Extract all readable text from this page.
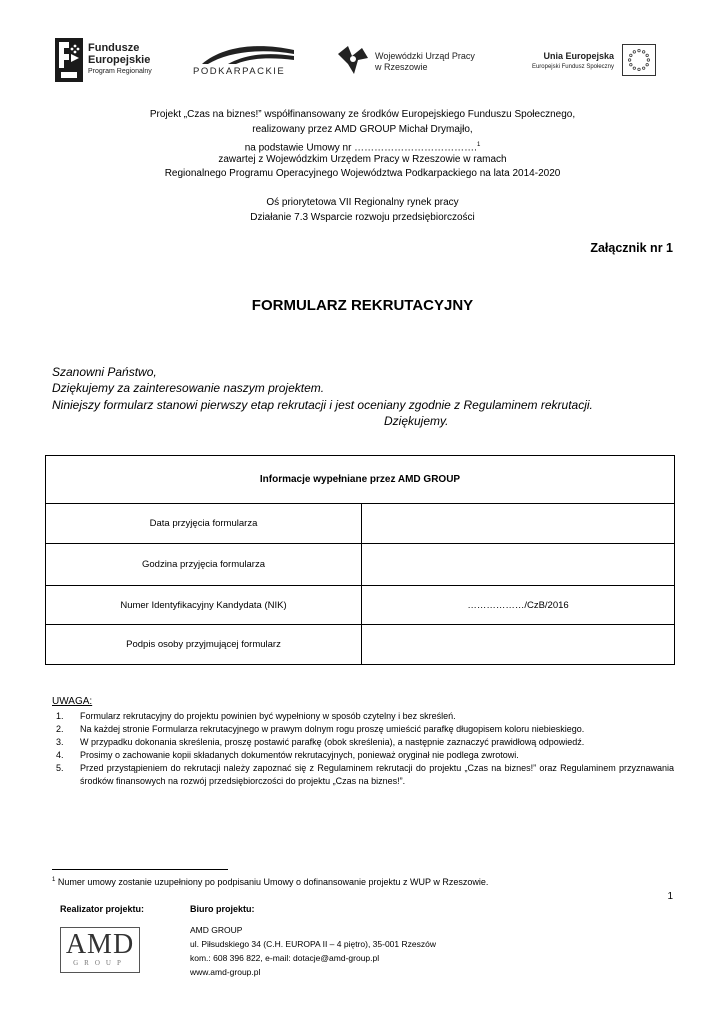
Fundusze
Europejskie
Program Regionalny	PODKARPACKIE
Wojewódzki Urząd Pracy
w Rzeszowie
Unia Europejska
Europejski Fundusz Społeczny
Projekt „Czas na biznes!” współfinansowany ze środków Europejskiego Funduszu Społecznego,
realizowany przez AMD GROUP Michał Drymajło,
na podstawie Umowy nr ……………………………….$^1$
zawartej z Wojewódzkim Urzędem Pracy w Rzeszowie w ramach
Regionalnego Programu Operacyjnego Województwa Podkarpackiego na lata 2014-2020
Oś priorytetowa VII Regionalny rynek pracy
Działanie 7.3 Wsparcie rozwoju przedsiębiorczości
Załącznik nr 1
FORMULARZ REKRUTACYJNY
Szanowni Państwo,
Dziękujemy za zainteresowanie naszym projektem.
Niniejszy formularz stanowi pierwszy etap rekrutacji i jest oceniany zgodnie z Regulaminem rekrutacji.
Dziękujemy.
Informacje wypełniane przez AMD GROUP
Data przyjęcia formularza
Godzina przyjęcia formularza
Numer Identyfikacyjny Kandydata (NIK)	………………/CzB/2016
Podpis osoby przyjmującej formularz
UWAGA:
1. Formularz rekrutacyjny do projektu powinien być wypełniony w sposób czytelny i bez skreśleń.
2. Na każdej stronie Formularza rekrutacyjnego w prawym dolnym rogu proszę umieścić parafkę długopisem koloru niebieskiego.
3. W przypadku dokonania skreślenia, proszę postawić parafkę (obok skreślenia), a następnie zaznaczyć prawidłową odpowiedź.
4. Prosimy o zachowanie kopii składanych dokumentów rekrutacyjnych, ponieważ oryginał nie podlega zwrotowi.
5. Przed przystąpieniem do rekrutacji należy zapoznać się z Regulaminem rekrutacji do projektu „Czas na biznes!” oraz Regulaminem przyznawania środków finansowych na rozwój przedsiębiorczości do projektu „Czas na biznes!”.
$^1$ Numer umowy zostanie uzupełniony po podpisaniu Umowy o dofinansowanie projektu z WUP w Rzeszowie.
1
Realizator projektu:	Biuro projektu:
AMD
GROUP
AMD GROUP
ul. Piłsudskiego 34 (C.H. EUROPA II – 4 piętro), 35-001 Rzeszów
kom.: 608 396 822, e-mail: dotacje@amd-group.pl
www.amd-group.pl
